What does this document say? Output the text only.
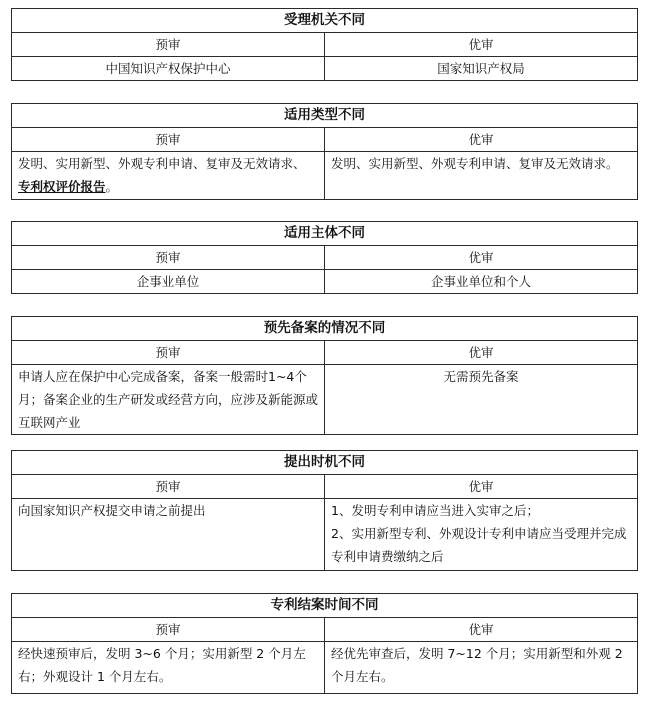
受理机关不同	
预审	优审
中国知识产权保护中心	国家知识产权局
适用类型不同	
预审	优审
发明、实用新型、外观专利申请、复审及无效请求、专利权评价报告。	发明、实用新型、外观专利申请、复审及无效请求。
适用主体不同	
预审	优审
企事业单位	企事业单位和个人
预先备案的情况不同	
预审	优审
申请人应在保护中心完成备案，备案一般需时1~4个月；备案企业的生产研发或经营方向，应涉及新能源或互联网产业	无需预先备案
提出时机不同	
预审	优审
向国家知识产权提交申请之前提出	1、发明专利申请应当进入实审之后；
2、实用新型专利、外观设计专利申请应当受理并完成专利申请费缴纳之后
专利结案时间不同	
预审	优审
经快速预审后，发明 3~6 个月；实用新型 2 个月左右；外观设计 1 个月左右。	经优先审查后，发明 7~12 个月；实用新型和外观 2 个月左右。
